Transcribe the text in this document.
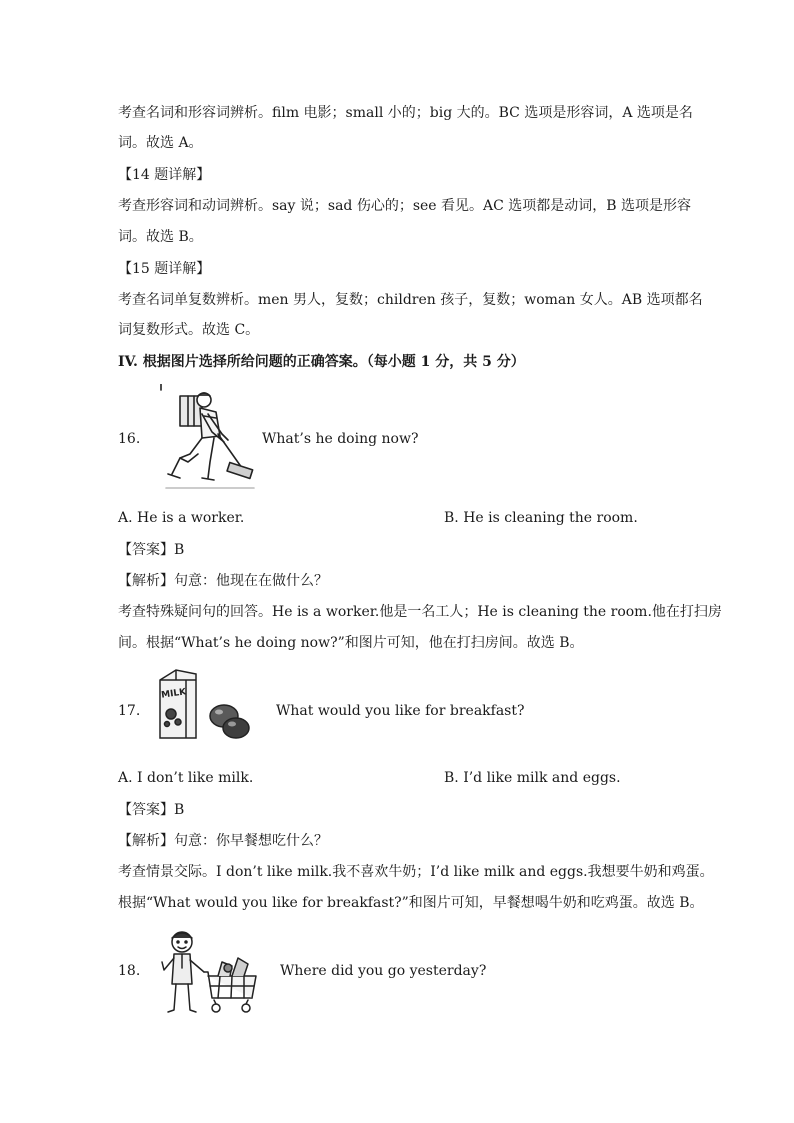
考查名词和形容词辨析。film 电影；small 小的；big 大的。BC 选项是形容词，A 选项是名
词。故选 A。
【14 题详解】
考查形容词和动词辨析。say 说；sad 伤心的；see 看见。AC 选项都是动词，B 选项是形容
词。故选 B。
【15 题详解】
考查名词单复数辨析。men 男人，复数；children 孩子，复数；woman 女人。AB 选项都名
词复数形式。故选 C。
IV. 根据图片选择所给问题的正确答案。（每小题 1 分，共 5 分）
16.	What’s he doing now?
A. He is a worker.	B. He is cleaning the room.
【答案】B
【解析】句意：他现在在做什么？
考查特殊疑问句的回答。He is a worker.他是一名工人；He is cleaning the room.他在打扫房
间。根据“What’s he doing now?”和图片可知，他在打扫房间。故选 B。
17.
MILK
What would you like for breakfast?
A. I don’t like milk.	B. I’d like milk and eggs.
【答案】B
【解析】句意：你早餐想吃什么？
考查情景交际。I don’t like milk.我不喜欢牛奶；I’d like milk and eggs.我想要牛奶和鸡蛋。
根据“What would you like for breakfast?”和图片可知，早餐想喝牛奶和吃鸡蛋。故选 B。
18.	Where did you go yesterday?
